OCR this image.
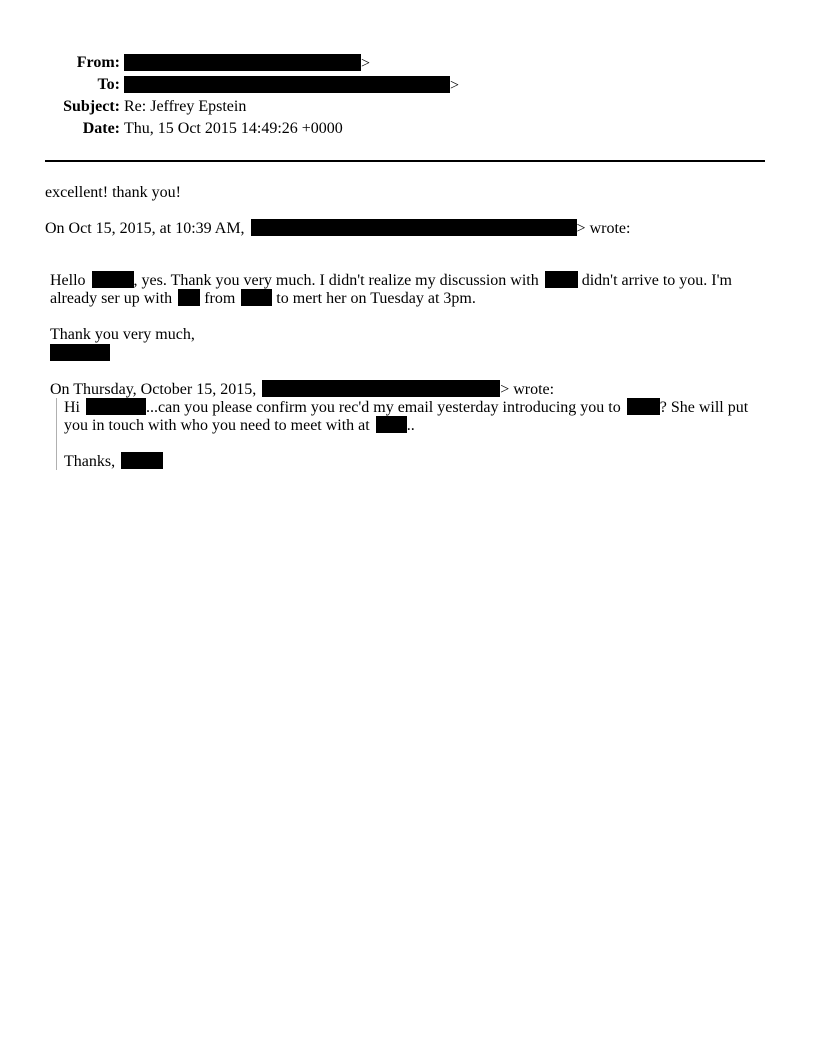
From:	>
To:	>
Subject: Re: Jeffrey Epstein
Date: Thu, 15 Oct 2015 14:49:26 +0000
excellent! thank you!
On Oct 15, 2015, at 10:39 AM,	> wrote:
Hello	, yes. Thank you very much. I didn't realize my discussion with	didn't arrive to you. I'm
already ser up with from	to mert her on Tuesday at 3pm.
Thank you very much,
On Thursday, October 15, 2015,	> wrote:
Hi	...can you please confirm you rec'd my email yesterday introducing you to ? She will put
you in touch with who you need to meet with at ..
Thanks,
